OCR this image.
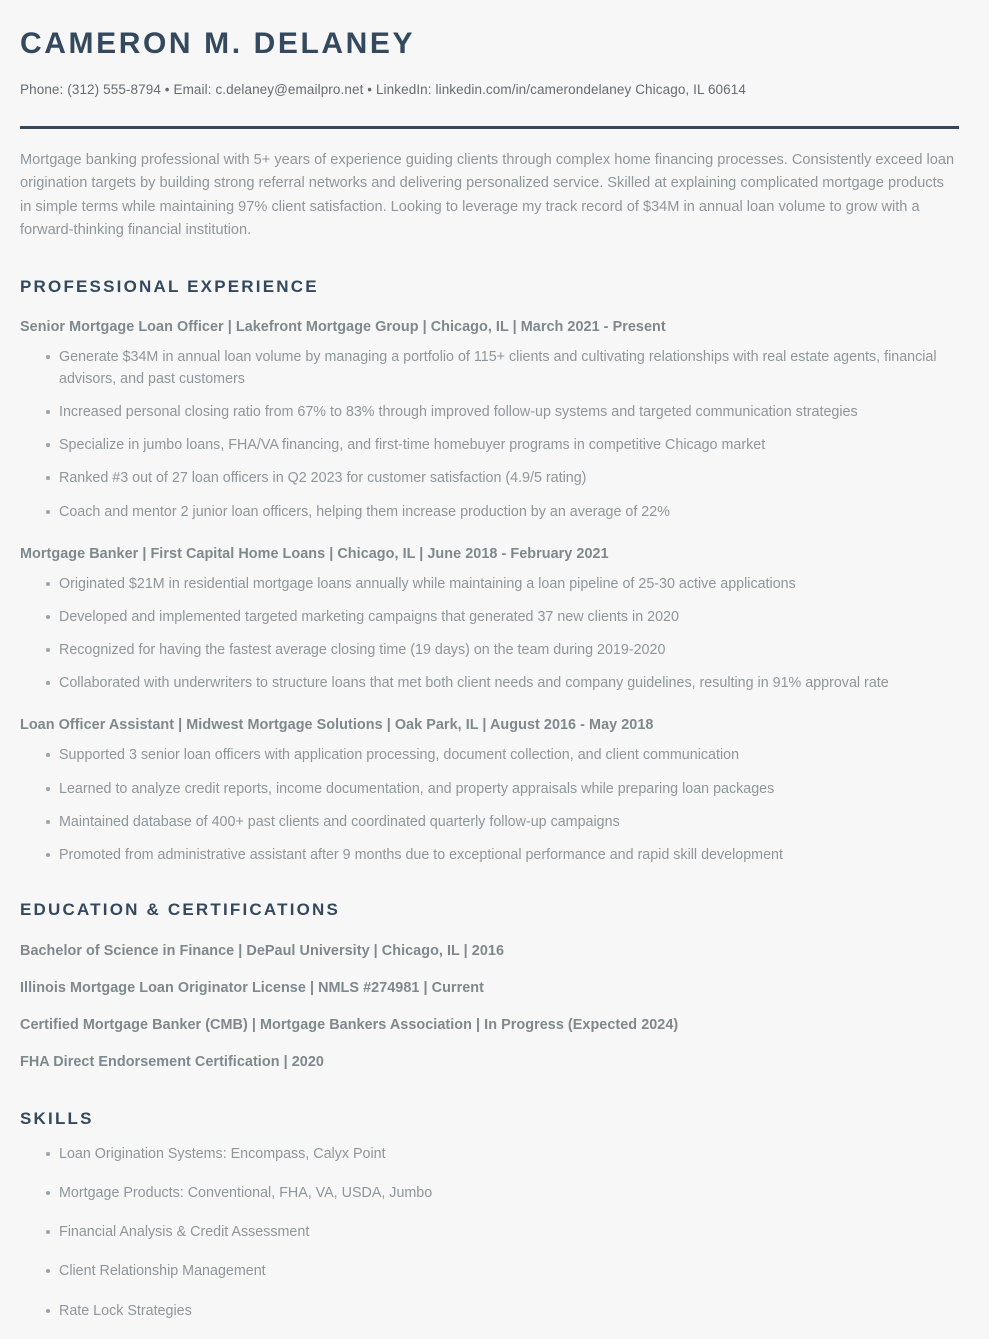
CAMERON M. DELANEY
Phone: (312) 555-8794 • Email: c.delaney@emailpro.net • LinkedIn: linkedin.com/in/camerondelaney Chicago, IL 60614

Mortgage banking professional with 5+ years of experience guiding clients through complex home financing processes. Consistently exceed loan origination targets by building strong referral networks and delivering personalized service. Skilled at explaining complicated mortgage products in simple terms while maintaining 97% client satisfaction. Looking to leverage my track record of $34M in annual loan volume to grow with a forward-thinking financial institution.

PROFESSIONAL EXPERIENCE
Senior Mortgage Loan Officer | Lakefront Mortgage Group | Chicago, IL | March 2021 - Present
Generate $34M in annual loan volume by managing a portfolio of 115+ clients and cultivating relationships with real estate agents, financial advisors, and past customers
Increased personal closing ratio from 67% to 83% through improved follow-up systems and targeted communication strategies
Specialize in jumbo loans, FHA/VA financing, and first-time homebuyer programs in competitive Chicago market
Ranked #3 out of 27 loan officers in Q2 2023 for customer satisfaction (4.9/5 rating)
Coach and mentor 2 junior loan officers, helping them increase production by an average of 22%
Mortgage Banker | First Capital Home Loans | Chicago, IL | June 2018 - February 2021
Originated $21M in residential mortgage loans annually while maintaining a loan pipeline of 25-30 active applications
Developed and implemented targeted marketing campaigns that generated 37 new clients in 2020
Recognized for having the fastest average closing time (19 days) on the team during 2019-2020
Collaborated with underwriters to structure loans that met both client needs and company guidelines, resulting in 91% approval rate
Loan Officer Assistant | Midwest Mortgage Solutions | Oak Park, IL | August 2016 - May 2018
Supported 3 senior loan officers with application processing, document collection, and client communication
Learned to analyze credit reports, income documentation, and property appraisals while preparing loan packages
Maintained database of 400+ past clients and coordinated quarterly follow-up campaigns
Promoted from administrative assistant after 9 months due to exceptional performance and rapid skill development
EDUCATION & CERTIFICATIONS
Bachelor of Science in Finance | DePaul University | Chicago, IL | 2016
Illinois Mortgage Loan Originator License | NMLS #274981 | Current
Certified Mortgage Banker (CMB) | Mortgage Bankers Association | In Progress (Expected 2024)
FHA Direct Endorsement Certification | 2020
SKILLS
Loan Origination Systems: Encompass, Calyx Point
Mortgage Products: Conventional, FHA, VA, USDA, Jumbo
Financial Analysis & Credit Assessment
Client Relationship Management
Rate Lock Strategies
